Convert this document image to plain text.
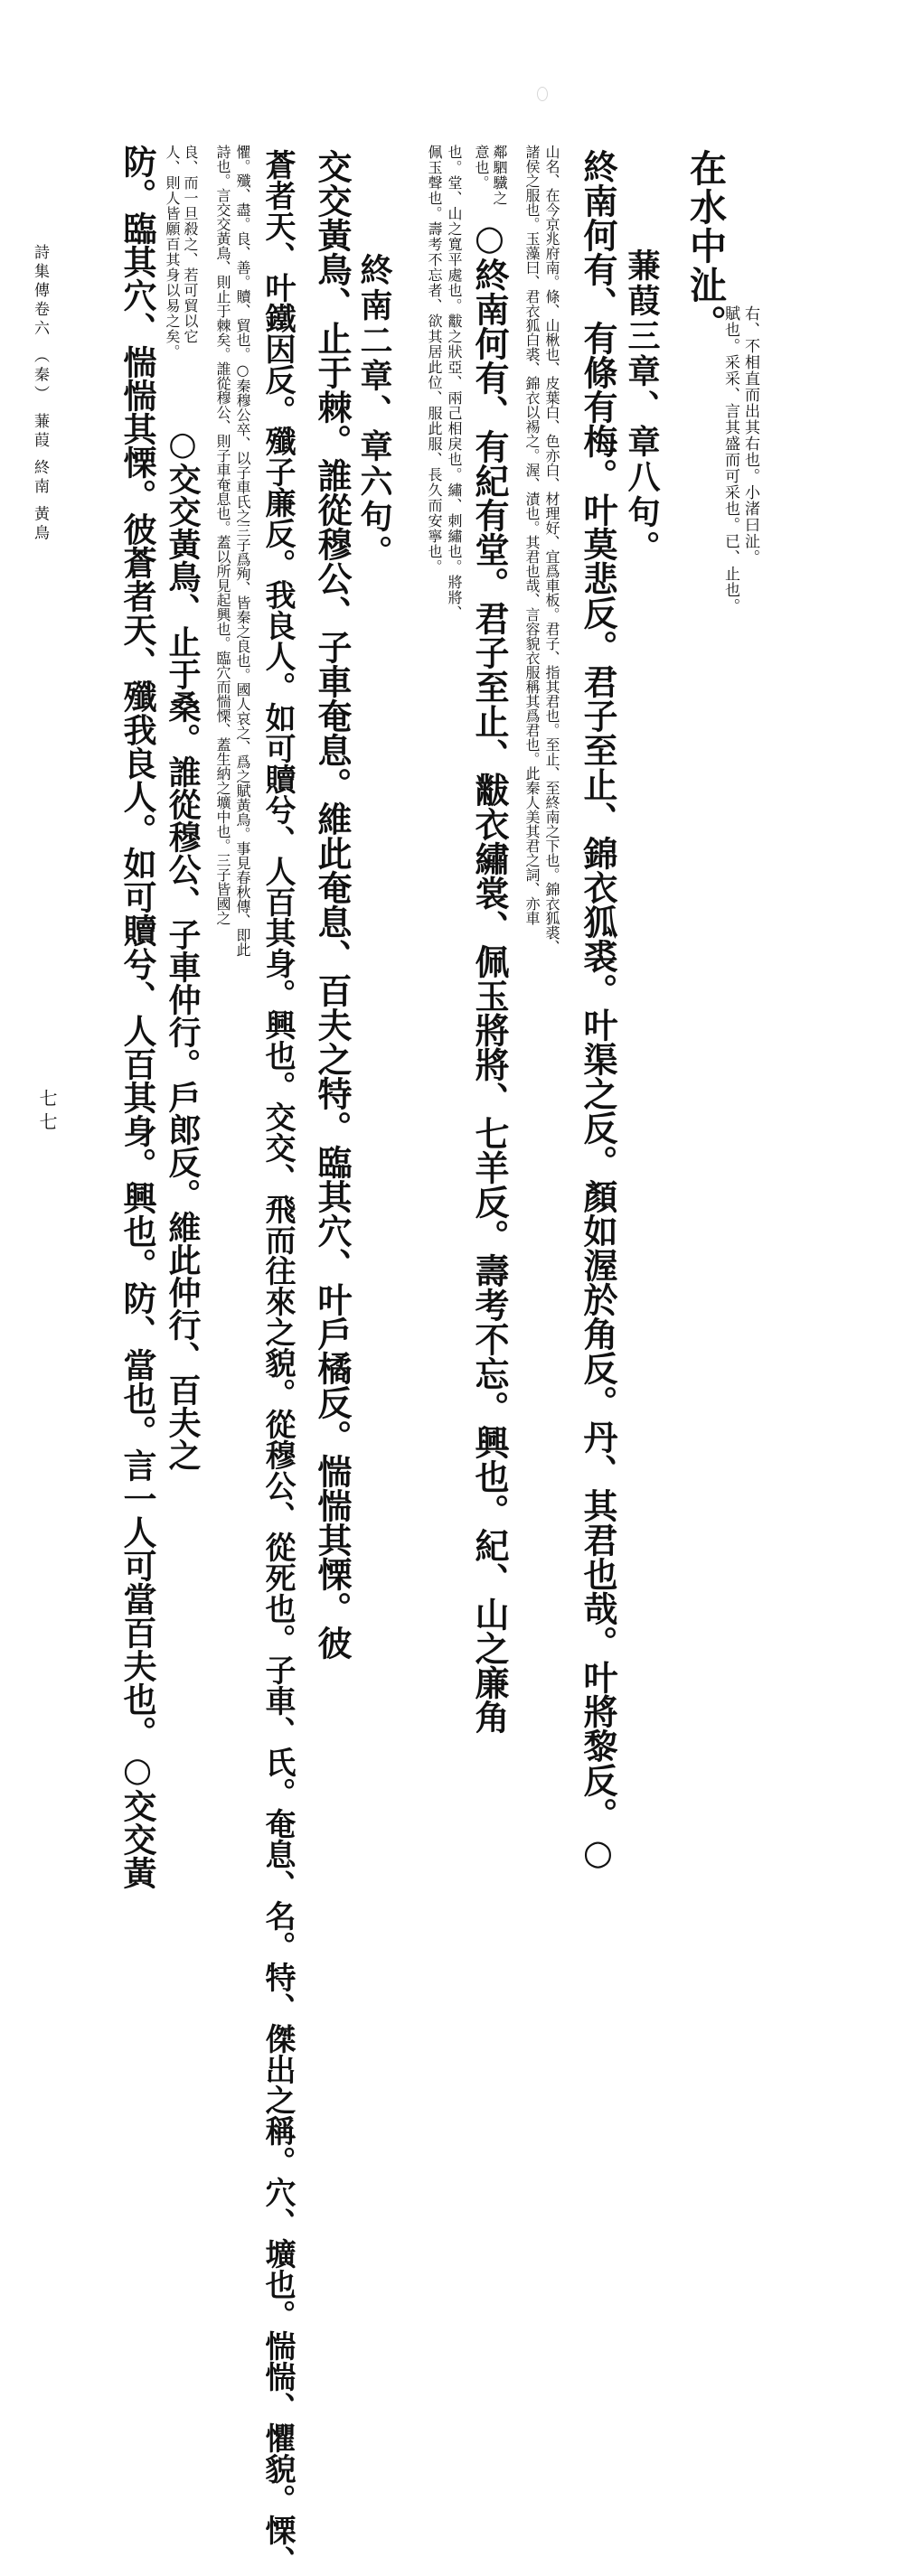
在水中沚。
賦也。采采、言其盛而可采也。已、止也。 右、不相直而出其右也。小渚曰沚。
蒹葭三章、章八句。
終南何有、有條有梅。叶莫悲反。君子至止、錦衣狐裘。叶渠之反。顏如渥於角反。丹、其君也哉。叶將黎反。○
山名、在今京兆府南。條、山楸也、皮葉白、色亦白、材理好、宜爲車板。君子、指其君也。至止、至終南之下也。錦衣狐裘、
諸侯之服也。玉藻曰、君衣狐白裘、錦衣以裼之。渥、漬也。其君也哉、言容貌衣服稱其爲君也。此秦人美其君之詞、亦車
鄰駟驖之
意也。
○終南何有、有紀有堂。君子至止、黻衣繡裳、佩玉將將、七羊反。壽考不忘。興也。紀、山之廉角
也。堂、山之寬平處也。黻之狀亞、兩己相戾也。繡、刺繡也。將將、
佩玉聲也。壽考不忘者、欲其居此位、服此服、長久而安寧也。
終南二章、章六句。
交交黃鳥、止于棘。誰從穆公、子車奄息。維此奄息、百夫之特。臨其穴、叶戶橘反。惴惴其慄。彼
蒼者天、叶鐵因反。殲子廉反。我良人。如可贖兮、人百其身。興也。交交、飛而往來之貌。從穆公、從死也。子車、氏。奄息、名。特、傑出之稱。穴、壙也。惴惴、懼貌。慄、
懼。殲、盡。良、善。贖、貿也。○秦穆公卒、以子車氏之三子爲殉、皆秦之良也。國人哀之、爲之賦黃鳥。事見春秋傳、即此
詩也。言交交黃鳥、則止于棘矣。誰從穆公、則子車奄息也。蓋以所見起興也。臨穴而惴慄、蓋生納之壙中也。三子皆國之
良、而一旦殺之、若可貿以它
人、則人皆願百其身以易之矣。
○交交黃鳥、止于桑。誰從穆公、子車仲行。戶郎反。維此仲行、百夫之
防。臨其穴、惴惴其慄。彼蒼者天、殲我良人。如可贖兮、人百其身。興也。防、當也。言一人可當百夫也。○交交黃
詩集傳卷六 （秦） 蒹葭 終南 黃鳥
七七
